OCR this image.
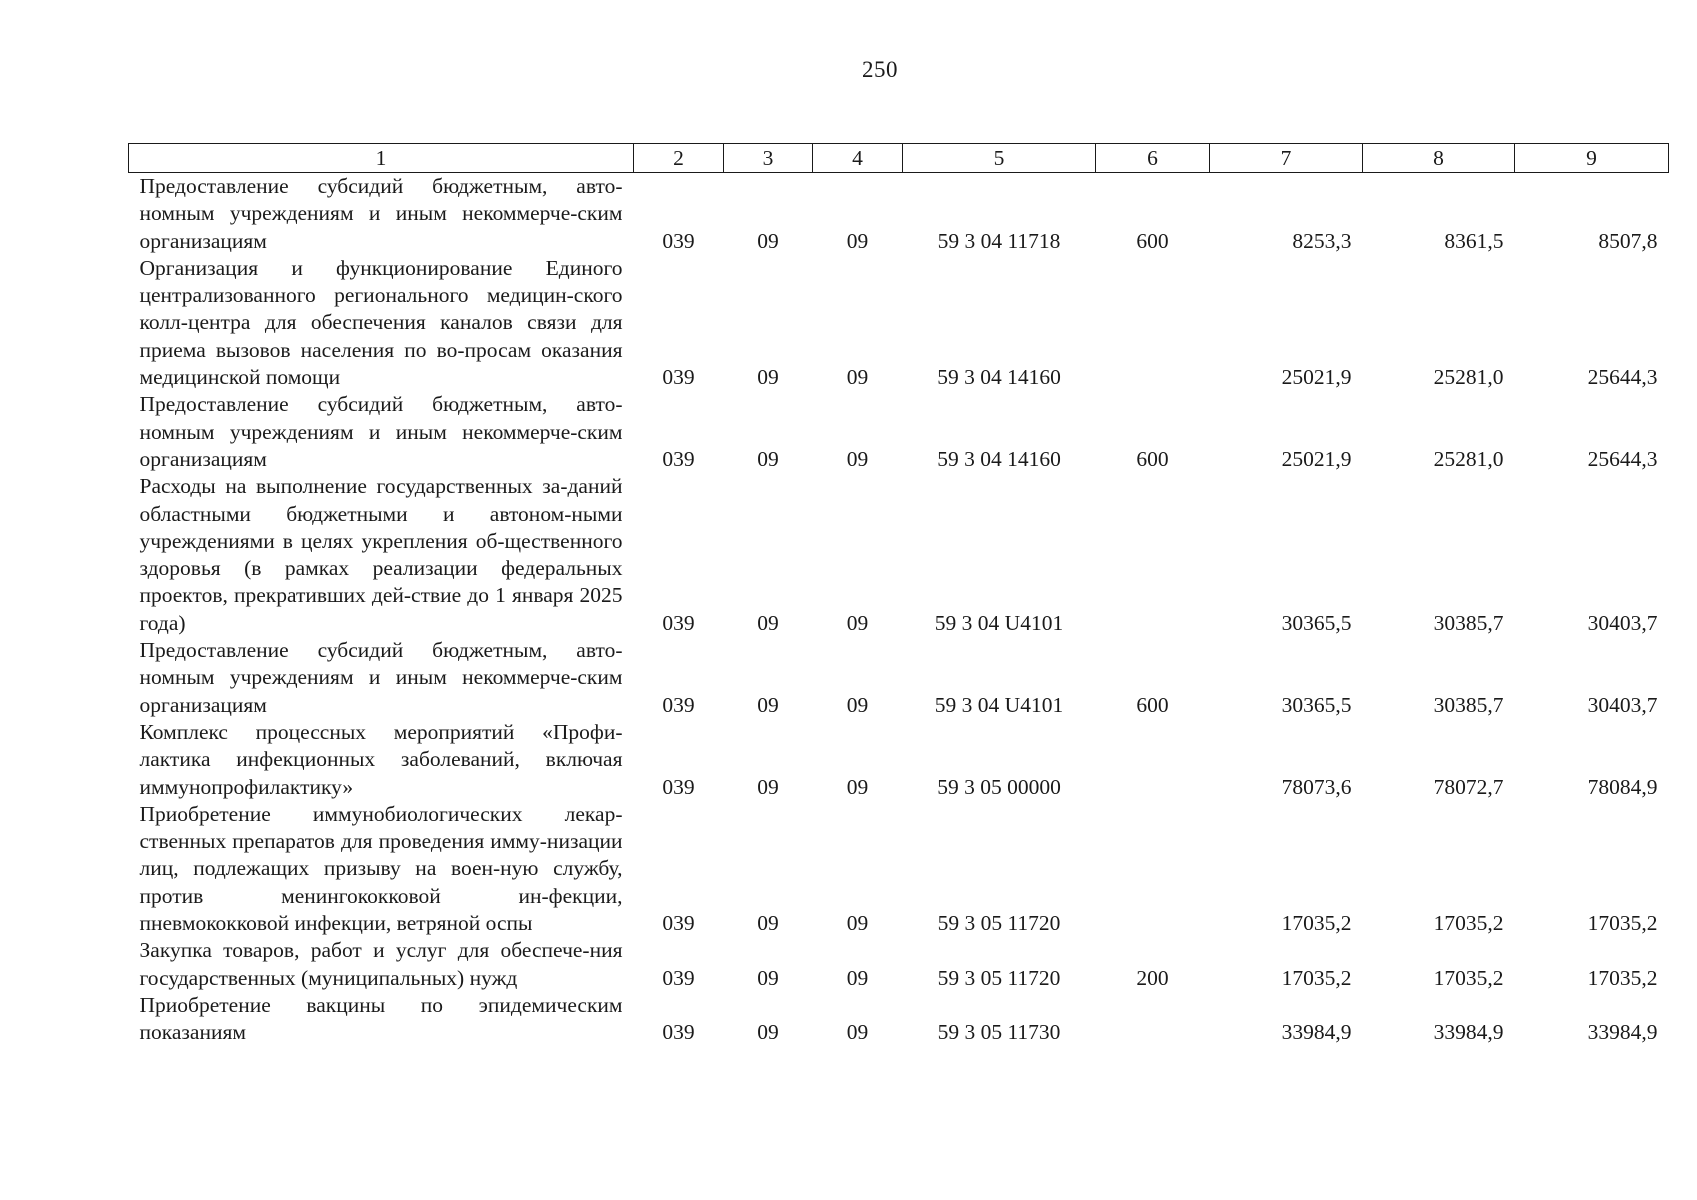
250
1	2	3	4	5	6	7	8	9
Предоставление субсидий бюджетным, авто-номным учреждениям и иным некоммерче-ским организациям	039	09	09	59 3 04 11718	600	8253,3	8361,5	8507,8
Организация и функционирование Единого централизованного регионального медицин-ского колл-центра для обеспечения каналов связи для приема вызовов населения по во-просам оказания медицинской помощи	039	09	09	59 3 04 14160		25021,9	25281,0	25644,3
Предоставление субсидий бюджетным, авто-номным учреждениям и иным некоммерче-ским организациям	039	09	09	59 3 04 14160	600	25021,9	25281,0	25644,3
Расходы на выполнение государственных за-даний областными бюджетными и автоном-ными учреждениями в целях укрепления об-щественного здоровья (в рамках реализации федеральных проектов, прекративших дей-ствие до 1 января 2025 года)	039	09	09	59 3 04 U4101		30365,5	30385,7	30403,7
Предоставление субсидий бюджетным, авто-номным учреждениям и иным некоммерче-ским организациям	039	09	09	59 3 04 U4101	600	30365,5	30385,7	30403,7
Комплекс процессных мероприятий «Профи-лактика инфекционных заболеваний, включая иммунопрофилактику»	039	09	09	59 3 05 00000		78073,6	78072,7	78084,9
Приобретение иммунобиологических лекар-ственных препаратов для проведения имму-низации лиц, подлежащих призыву на воен-ную службу, против менингококковой ин-фекции, пневмококковой инфекции, ветряной оспы	039	09	09	59 3 05 11720		17035,2	17035,2	17035,2
Закупка товаров, работ и услуг для обеспече-ния государственных (муниципальных) нужд	039	09	09	59 3 05 11720	200	17035,2	17035,2	17035,2
Приобретение вакцины по эпидемическим показаниям	039	09	09	59 3 05 11730		33984,9	33984,9	33984,9
